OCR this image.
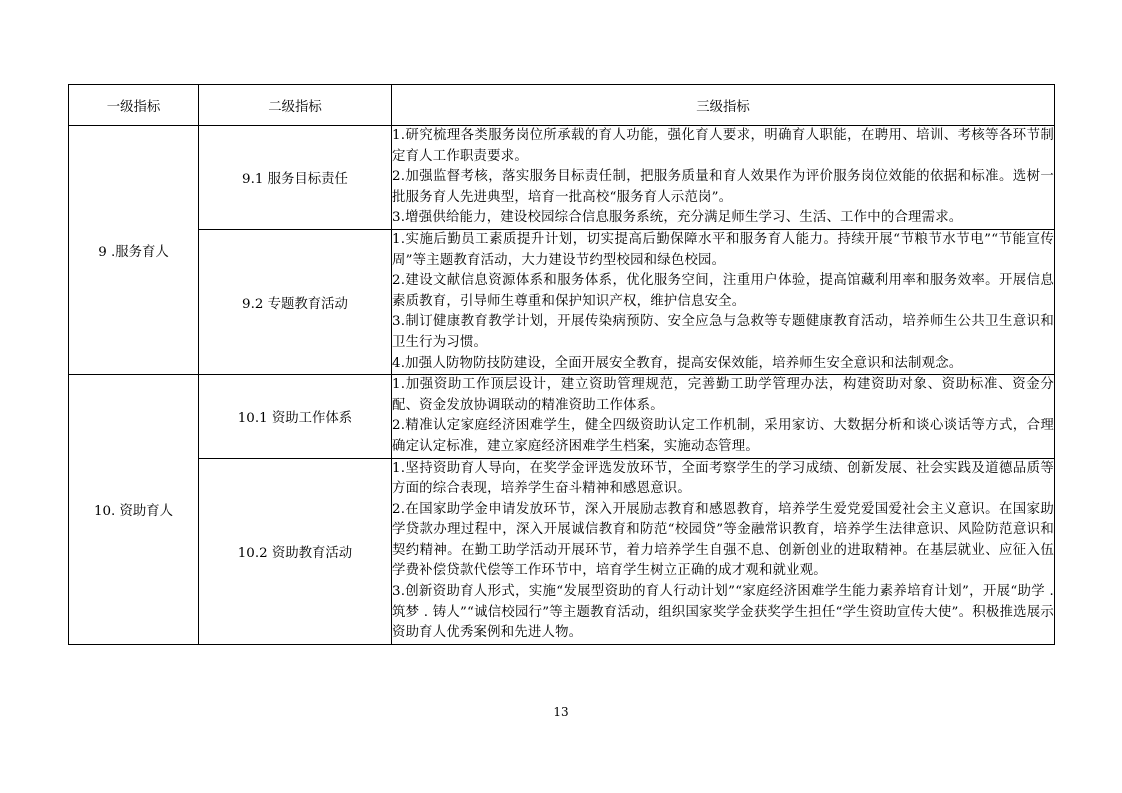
一级指标	二级指标	三级指标
9 .服务育人	9.1 服务目标责任	1.研究梳理各类服务岗位所承载的育人功能，强化育人要求，明确育人职能，在聘用、培训、考核等各环节制定育人工作职责要求。

2.加强监督考核，落实服务目标责任制，把服务质量和育人效果作为评价服务岗位效能的依据和标准。选树一批服务育人先进典型，培育一批高校“服务育人示范岗”。

3.增强供给能力，建设校园综合信息服务系统，充分满足师生学习、生活、工作中的合理需求。

	9.2 专题教育活动	1.实施后勤员工素质提升计划，切实提高后勤保障水平和服务育人能力。持续开展“节粮节水节电”“节能宣传周”等主题教育活动，大力建设节约型校园和绿色校园。

2.建设文献信息资源体系和服务体系，优化服务空间，注重用户体验，提高馆藏利用率和服务效率。开展信息素质教育，引导师生尊重和保护知识产权，维护信息安全。

3.制订健康教育教学计划，开展传染病预防、安全应急与急救等专题健康教育活动，培养师生公共卫生意识和卫生行为习惯。

4.加强人防物防技防建设，全面开展安全教育，提高安保效能，培养师生安全意识和法制观念。

10. 资助育人	10.1 资助工作体系	1.加强资助工作顶层设计，建立资助管理规范，完善勤工助学管理办法，构建资助对象、资助标准、资金分配、资金发放协调联动的精准资助工作体系。

2.精准认定家庭经济困难学生，健全四级资助认定工作机制，采用家访、大数据分析和谈心谈话等方式，合理确定认定标准，建立家庭经济困难学生档案，实施动态管理。

	10.2 资助教育活动	1.坚持资助育人导向，在奖学金评选发放环节，全面考察学生的学习成绩、创新发展、社会实践及道德品质等方面的综合表现，培养学生奋斗精神和感恩意识。

2.在国家助学金申请发放环节，深入开展励志教育和感恩教育，培养学生爱党爱国爱社会主义意识。在国家助学贷款办理过程中，深入开展诚信教育和防范“校园贷”等金融常识教育，培养学生法律意识、风险防范意识和契约精神。在勤工助学活动开展环节，着力培养学生自强不息、创新创业的进取精神。在基层就业、应征入伍学费补偿贷款代偿等工作环节中，培育学生树立正确的成才观和就业观。

3.创新资助育人形式，实施“发展型资助的育人行动计划”“家庭经济困难学生能力素养培育计划”，开展“助学 . 筑梦 . 铸人”“诚信校园行”等主题教育活动，组织国家奖学金获奖学生担任“学生资助宣传大使”。积极推选展示资助育人优秀案例和先进人物。

13
